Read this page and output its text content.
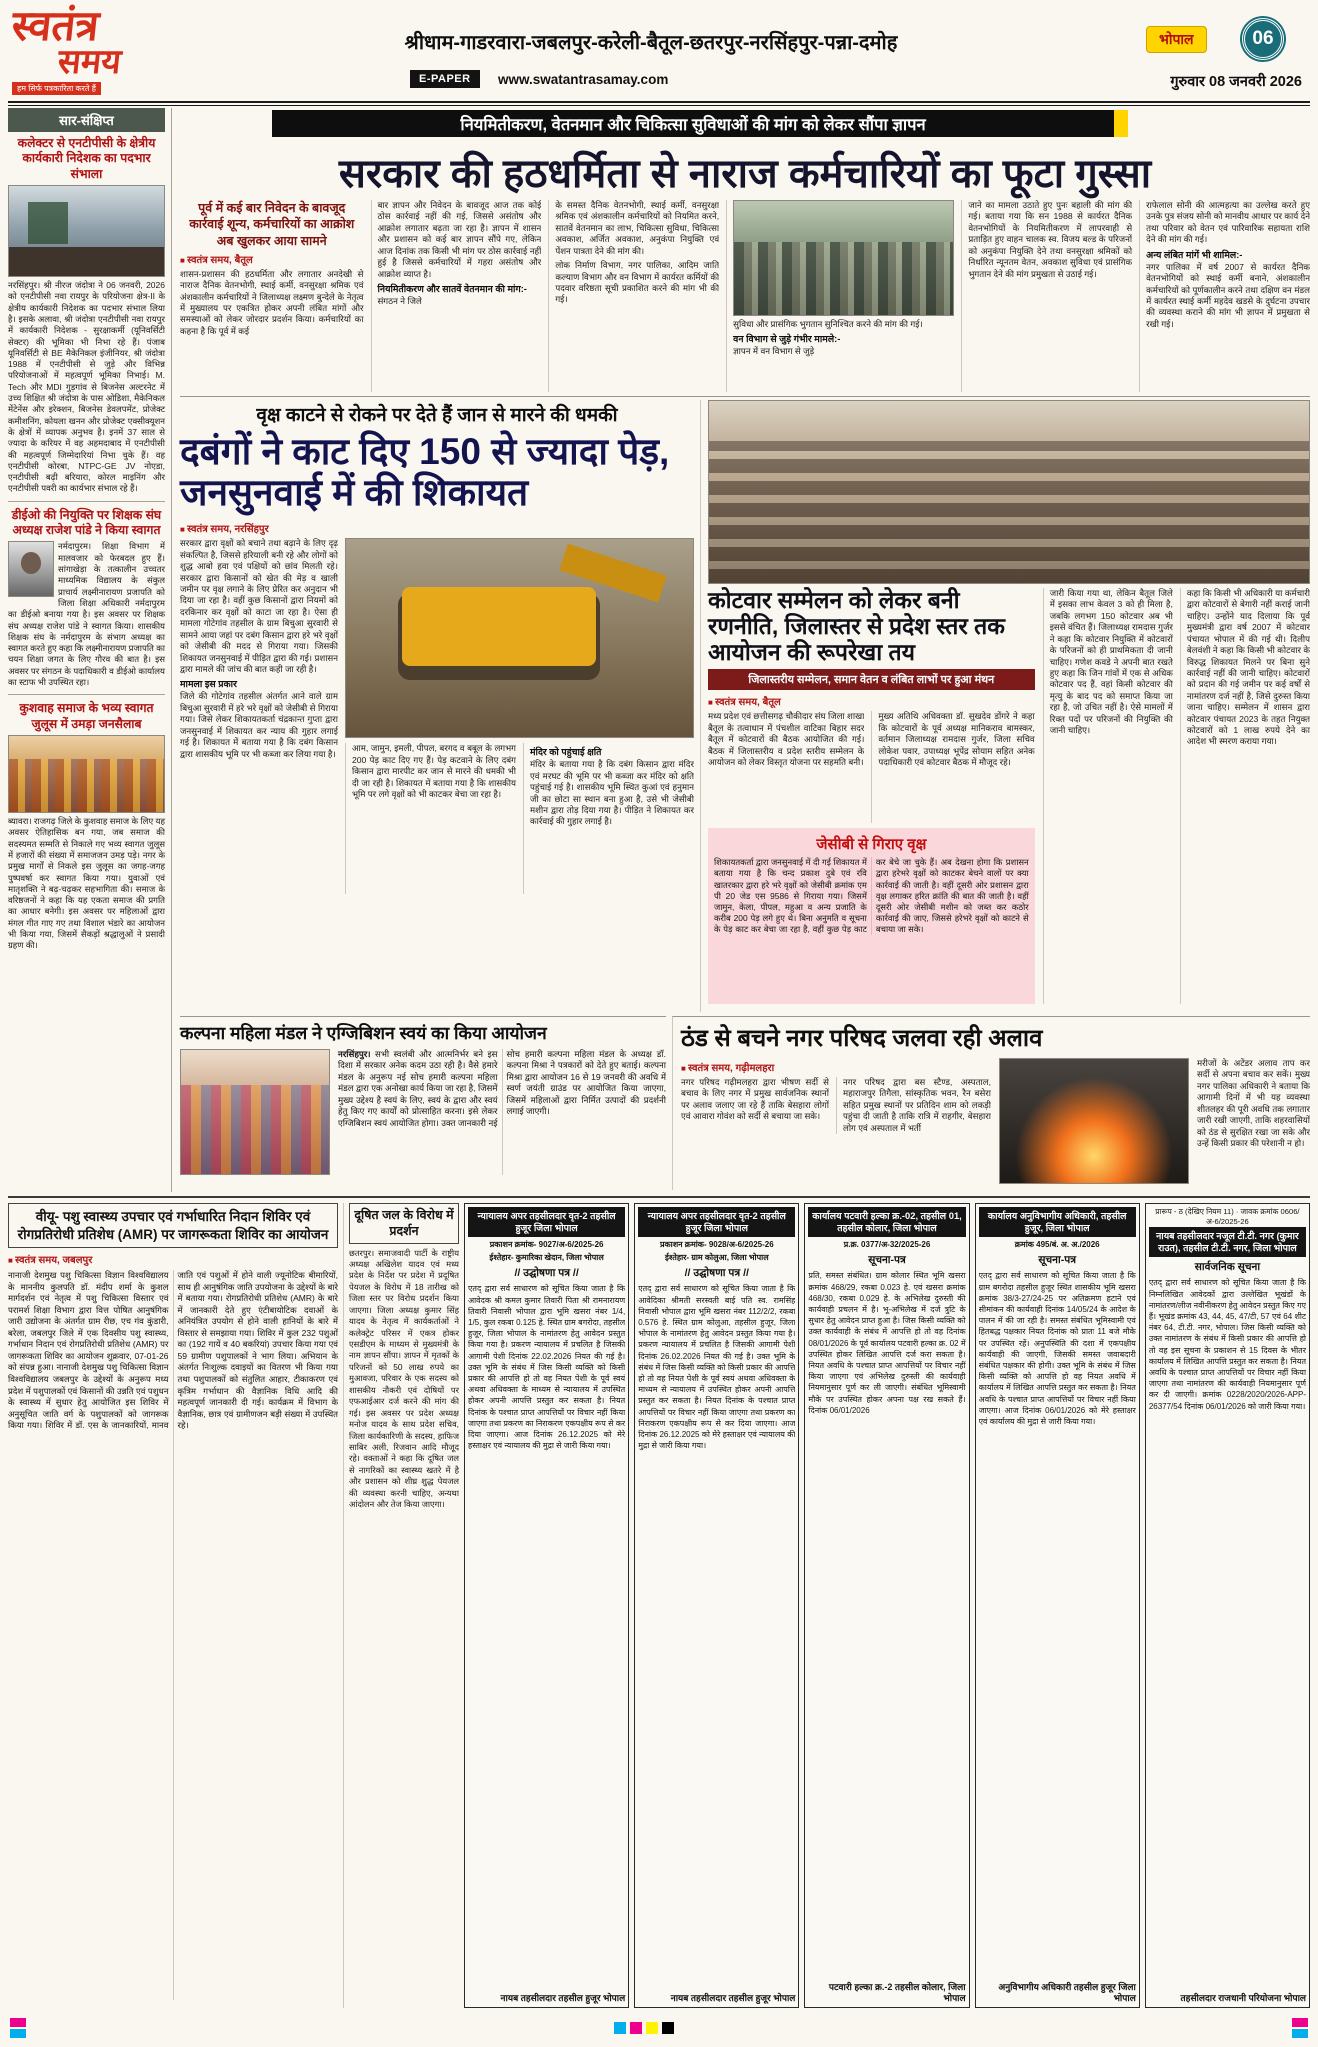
स्वतंत्र
समय
हम सिर्फ पत्रकारिता करते हैं
श्रीधाम-गाडरवारा-जबलपुर-करेली-बैतूल-छतरपुर-नरसिंहपुर-पन्ना-दमोह	भोपाल	06
E-PAPER	www.swatantrasamay.com	गुरुवार 08 जनवरी 2026
नियमितीकरण, वेतनमान और चिकित्सा सुविधाओं की मांग को लेकर सौंपा ज्ञापन
सरकार की हठधर्मिता से नाराज कर्मचारियों का फूटा गुस्सा
पूर्व में कई बार निवेदन के बावजूद कार्रवाई शून्य, कर्मचारियों का आक्रोश अब खुलकर आया सामने
■ स्वतंत्र समय, बैतूल
शासन-प्रशासन की हठधर्मिता और लगातार अनदेखी से नाराज दैनिक वेतनभोगी, स्थाई कर्मी, वनसुरक्षा श्रमिक एवं अंशकालीन कर्मचारियों ने जिलाध्यक्ष लक्ष्मण बुन्देले के नेतृत्व में मुख्यालय पर एकत्रित होकर अपनी लंबित मांगों और समस्याओं को लेकर जोरदार प्रदर्शन किया। कर्मचारियों का कहना है कि पूर्व में कई
बार ज्ञापन और निवेदन के बावजूद आज तक कोई ठोस कार्रवाई नहीं की गई, जिससे असंतोष और आक्रोश लगातार बढ़ता जा रहा है। ज्ञापन में शासन और प्रशासन को कई बार ज्ञापन सौंपे गए, लेकिन आज दिनांक तक किसी भी मांग पर ठोस कार्रवाई नहीं हुई है जिससे कर्मचारियों में गहरा असंतोष और आक्रोश व्याप्त है।
नियमितीकरण और सातवें वेतनमान की मांग:-
संगठन ने जिले
के समस्त दैनिक वेतनभोगी, स्थाई कर्मी, वनसुरक्षा श्रमिक एवं अंशकालीन कर्मचारियों को नियमित करने, सातवें वेतनमान का लाभ, चिकित्सा सुविधा, चिकित्सा अवकाश, अर्जित अवकाश, अनुकंपा नियुक्ति एवं पेंशन पात्रता देने की मांग की।
लोक निर्माण विभाग, नगर पालिका, आदिम जाति कल्याण विभाग और वन विभाग में कार्यरत कर्मियों की पदवार वरिष्ठता सूची प्रकाशित करने की मांग भी की गई।
सुविधा और प्रासंगिक भुगतान सुनिश्चित करने की मांग की गई।
वन विभाग से जुड़े गंभीर मामले:-
ज्ञापन में वन विभाग से जुड़े
जाने का मामला उठाते हुए पुनः बहाली की मांग की गई। बताया गया कि सन 1988 से कार्यरत दैनिक वेतनभोगियों के नियमितीकरण में लापरवाही से प्रताड़ित हुए वाहन चालक स्व. विजय बल्ड के परिजनों को अनुकंपा नियुक्ति देने तथा वनसुरक्षा श्रमिकों को निर्धारित न्यूनतम वेतन, अवकाश सुविधा एवं प्रासंगिक भुगतान देने की मांग प्रमुखता से उठाई गई।
राफेलाल सोनी की आत्महत्या का उल्लेख करते हुए उनके पुत्र संजय सोनी को मानवीय आधार पर कार्य देने तथा परिवार को वेतन एवं पारिवारिक सहायता राशि देने की मांग की गई।
अन्य लंबित मांगें भी शामिल:-
नगर पालिका में वर्ष 2007 से कार्यरत दैनिक वेतनभोगियों को स्थाई कर्मी बनाने, अंशकालीन कर्मचारियों को पूर्णकालीन करने तथा दक्षिण वन मंडल में कार्यरत स्थाई कर्मी महदेव खडसे के दुर्घटना उपचार की व्यवस्था कराने की मांग भी ज्ञापन में प्रमुखता से रखी गई।
सार-संक्षिप्त
कलेक्टर से एनटीपीसी के क्षेत्रीय कार्यकारी निदेशक का पदभार संभाला
नरसिंहपुर। श्री नीरज जंदोत्रा ने 06 जनवरी, 2026 को एनटीपीसी नवा रायपुर के परियोजना क्षेत्र-II के क्षेत्रीय कार्यकारी निदेशक का पदभार संभाल लिया है। इसके अलावा, श्री जंदोत्रा एनटीपीसी नवा रायपुर में कार्यकारी निदेशक - सुरक्षाकर्मी (यूनिवर्सिटी सेक्टर) की भूमिका भी निभा रहे हैं। पंजाब यूनिवर्सिटी से BE मैकेनिकल इंजीनियर, श्री जंदोत्रा 1988 में एनटीपीसी से जुड़े और विभिन्न परियोजनाओं में महत्वपूर्ण भूमिका निभाई। M. Tech और MDI गुड़गांव से बिजनेस अल्टरनेट में उच्च शिक्षित श्री जंदोत्रा के पास ओडिशा, मैकेनिकल मेंटेनेंस और इरेक्शन, बिजनेस डेवलपमेंट, प्रोजेक्ट कमीशनिंग, कोयला खनन और प्रोजेक्ट एक्सीक्यूशन के क्षेत्रों में व्यापक अनुभव है। इनमें 37 साल से ज्यादा के करियर में वह अहमदाबाद में एनटीपीसी की महत्वपूर्ण जिम्मेदारियां निभा चुके हैं। वह एनटीपीसी कोरबा, NTPC-GE JV नोएडा, एनटीपीसी बढ़ी बरियारा, कोरल माइनिंग और एनटीपीसी पवरी का कार्यभार संभाल रहे हैं।
डीईओ की नियुक्ति पर शिक्षक संघ अध्यक्ष राजेश पांडे ने किया स्वागत
नर्मदापुरम। शिक्षा विभाग में मालवजार को फेरबदल हुए हैं। सांगाखेड़ा के तत्कालीन उच्चतर माध्यमिक विद्यालय के संकुल प्राचार्य लक्ष्मीनारायण प्रजापति को जिला शिक्षा अधिकारी नर्मदापुरम का डीईओ बनाया गया है। इस अवसर पर शिक्षक संघ अध्यक्ष राजेश पांडे ने स्वागत किया। शासकीय शिक्षक संघ के नर्मदापुरम के संभाग अध्यक्ष का स्वागत करते हुए कहा कि लक्ष्मीनारायण प्रजापति का चयन शिक्षा जगत के लिए गौरव की बात है। इस अवसर पर संगठन के पदाधिकारी व डीईओ कार्यालय का स्टाफ भी उपस्थित रहा।
कुशवाह समाज के भव्य स्वागत जुलूस में उमड़ा जनसैलाब
ब्यावरा। राजगढ़ जिले के कुशवाह समाज के लिए यह अवसर ऐतिहासिक बन गया, जब समाज की सदस्यमत सम्मति से निकाले गए भव्य स्वागत जुलूस में हजारों की संख्या में समाजजन उमड़ पड़े। नगर के प्रमुख मार्गों से निकले इस जुलूस का जगह-जगह पुष्पवर्षा कर स्वागत किया गया। युवाओं एवं मातृशक्ति ने बढ़-चढ़कर सहभागिता की। समाज के वरिष्ठजनों ने कहा कि यह एकता समाज की प्रगति का आधार बनेगी। इस अवसर पर महिलाओं द्वारा मंगल गीत गाए गए तथा विशाल भंडारे का आयोजन भी किया गया, जिसमें सैकड़ों श्रद्धालुओं ने प्रसादी ग्रहण की।
वृक्ष काटने से रोकने पर देते हैं जान से मारने की धमकी
दबंगों ने काट दिए 150 से ज्यादा पेड़, जनसुनवाई में की शिकायत
■ स्वतंत्र समय, नरसिंहपुर
सरकार द्वारा वृक्षों को बचाने तथा बढ़ाने के लिए दृढ़ संकल्पित है, जिससे हरियाली बनी रहे और लोगों को शुद्ध आबो हवा एवं पक्षियों को छांव मिलती रहे। सरकार द्वारा किसानों को खेत की मेड़ व खाली जमीन पर वृक्ष लगाने के लिए प्रेरित कर अनुदान भी दिया जा रहा है। वहीं कुछ किसानों द्वारा नियमों को दरकिनार कर वृक्षों को काटा जा रहा है। ऐसा ही मामला गोटेगांव तहसील के ग्राम बिचुआ सुरवारी से सामने आया जहां पर दबंग किसान द्वारा हरे भरे वृक्षों को जेसीबी की मदद से गिराया गया। जिसकी शिकायत जनसुनवाई में पीड़ित द्वारा की गई। प्रशासन द्वारा मामले की जांच की बात कही जा रही है।
मामला इस प्रकार
जिले की गोटेगांव तहसील अंतर्गत आने वाले ग्राम बिचुआ सुरवारी में हरे भरे वृक्षों को जेसीबी से गिराया गया। जिसे लेकर शिकायतकर्ता चंद्रकान्त गुप्ता द्वारा जनसुनवाई में शिकायत कर न्याय की गुहार लगाई गई है। शिकायत में बताया गया है कि दबंग किसान द्वारा शासकीय भूमि पर भी कब्जा कर लिया गया है।
आम, जामुन, इमली, पीपल, बरगद व बबूल के लगभग 200 पेड़ काट दिए गए हैं। पेड़ कटवाने के लिए दबंग किसान द्वारा मारपीट कर जान से मारने की धमकी भी दी जा रही है। शिकायत में बताया गया है कि शासकीय भूमि पर लगे वृक्षों को भी काटकर बेचा जा रहा है।
मंदिर को पहुंचाई क्षति
मंदिर के बताया गया है कि दबंग किसान द्वारा मंदिर एवं मरघट की भूमि पर भी कब्जा कर मंदिर को क्षति पहुंचाई गई है। शासकीय भूमि स्थित कुआं एवं हनुमान जी का छोटा सा स्थान बना हुआ है, उसे भी जेसीबी मशीन द्वारा तोड़ दिया गया है। पीड़ित ने शिकायत कर कार्रवाई की गुहार लगाई है।
कोटवार सम्मेलन को लेकर बनी रणनीति, जिलास्तर से प्रदेश स्तर तक आयोजन की रूपरेखा तय
जिलास्तरीय सम्मेलन, समान वेतन व लंबित लाभों पर हुआ मंथन
■ स्वतंत्र समय, बैतूल
मध्य प्रदेश एवं छत्तीसगढ़ चौकीदार संघ जिला शाखा बैतूल के तत्वाधान में पंचशील वाटिका बिहार सदर बैतूल में कोटवारों की बैठक आयोजित की गई। बैठक में जिलास्तरीय व प्रदेश स्तरीय सम्मेलन के आयोजन को लेकर विस्तृत योजना पर सहमति बनी।
मुख्य अतिथि अधिवक्ता डॉ. सुखदेव डोंगरे ने कहा कि कोटवारों के पूर्व अध्यक्ष मानिकराव बामस्कर, वर्तमान जिलाध्यक्ष रामदास गुर्जर, जिला सचिव लोकेश पवार, उपाध्यक्ष भूपेंद्र सोयाम सहित अनेक पदाधिकारी एवं कोटवार बैठक में मौजूद रहे।
जेसीबी से गिराए वृक्ष
शिकायतकर्ता द्वारा जनसुनवाई में दी गई शिकायत में बताया गया है कि चन्द प्रकाश दुबे एवं रवि खातरकार द्वारा हरे भरे वृक्षों को जेसीबी क्रमांक एम पी 20 जेड एस 9586 से गिराया गया। जिसमें जामुन, केला, पीपल, महुआ व अन्य प्रजाति के करीब 200 पेड़ लगे हुए थे। बिना अनुमति व सूचना के पेड़ काट कर बेचा जा रहा है, वहीं कुछ पेड़ काट कर बेचे जा चुके हैं। अब देखना होगा कि प्रशासन द्वारा हरेभरे वृक्षों को काटकर बेचने वालों पर क्या कार्रवाई की जाती है। वहीं दूसरी ओर प्रशासन द्वारा वृक्ष लगाकर हरित क्रांति की बात की जाती है। वहीं दूसरी ओर जेसीबी मशीन को जब्त कर कठोर कार्रवाई की जाए, जिससे हरेभरे वृक्षों को काटने से बचाया जा सके।
जारी किया गया था, लेकिन बैतूल जिले में इसका लाभ केवल 3 को ही मिला है, जबकि लगभग 150 कोटवार अब भी इससे वंचित हैं। जिलाध्यक्ष रामदास गुर्जर ने कहा कि कोटवार नियुक्ति में कोटवारों के परिजनों को ही प्राथमिकता दी जानी चाहिए। गणेश कवडे ने अपनी बात रखते हुए कहा कि जिन गांवों में एक से अधिक कोटवार पद हैं, वहां किसी कोटवार की मृत्यु के बाद पद को समाप्त किया जा रहा है, जो उचित नहीं है। ऐसे मामलों में रिक्त पदों पर परिजनों की नियुक्ति की जानी चाहिए।
कहा कि किसी भी अधिकारी या कर्मचारी द्वारा कोटवारों से बेगारी नहीं कराई जानी चाहिए। उन्होंने याद दिलाया कि पूर्व मुख्यमंत्री द्वारा वर्ष 2007 में कोटवार पंचायत भोपाल में की गई थी। दिलीप बेलवंशी ने कहा कि किसी भी कोटवार के विरुद्ध शिकायत मिलने पर बिना सुने कार्रवाई नहीं की जानी चाहिए। कोटवारों को प्रदान की गई जमीन पर कई वर्षों से नामांतरण दर्ज नहीं है, जिसे दुरुस्त किया जाना चाहिए। सम्मेलन में शासन द्वारा कोटवार पंचायत 2023 के तहत नियुक्त कोटवारों को 1 लाख रुपये देने का आदेश भी स्मरण कराया गया।
कल्पना महिला मंडल ने एग्जिबिशन स्वयं का किया आयोजन
नरसिंहपुर। सभी स्वलंबी और आत्मनिर्भर बने इस दिशा में सरकार अनेक कदम उठा रही है। वैसे हमारे मंडल के अनुरूप नई सोच हमारी कल्पना महिला मंडल द्वारा एक अनोखा कार्य किया जा रहा है, जिसमें मुख्य उद्देश्य है स्वयं के लिए, स्वयं के द्वारा और स्वयं हेतु किए गए कार्यों को प्रोत्साहित करना। इसे लेकर एग्जिबिशन स्वयं आयोजित होगा। उक्त जानकारी नई सोच हमारी कल्पना महिला मंडल के अध्यक्ष डॉ. कल्पना मिश्रा ने पत्रकारों को देते हुए बताई। कल्पना मिश्रा द्वारा आयोजन 16 से 19 जनवरी की अवधि में स्वर्ण जयंती ग्राउंड पर आयोजित किया जाएगा, जिसमें महिलाओं द्वारा निर्मित उत्पादों की प्रदर्शनी लगाई जाएगी।
ठंड से बचने नगर परिषद जलवा रही अलाव
■ स्वतंत्र समय, गढ़ीमलहरा
नगर परिषद गढ़ीमलहरा द्वारा भीषण सर्दी से बचाव के लिए नगर में प्रमुख सार्वजनिक स्थानों पर अलाव जलाए जा रहे हैं ताकि बेसहारा लोगों एवं आवारा गोवंश को सर्दी से बचाया जा सके।
नगर परिषद द्वारा बस स्टैण्ड, अस्पताल, महाराजपुर तिगैला, सांस्कृतिक भवन, रैन बसेरा सहित प्रमुख स्थानों पर प्रतिदिन शाम को लकड़ी पहुंचा दी जाती है ताकि रात्रि में राहगीर, बेसहारा लोग एवं अस्पताल में भर्ती
मरीजों के अटेंडर अलाव ताप कर सर्दी से अपना बचाव कर सकें। मुख्य नगर पालिका अधिकारी ने बताया कि आगामी दिनों में भी यह व्यवस्था शीतलहर की पूरी अवधि तक लगातार जारी रखी जाएगी, ताकि शहरवासियों को ठंड से सुरक्षित रखा जा सके और उन्हें किसी प्रकार की परेशानी न हो।
वीयू- पशु स्वास्थ्य उपचार एवं गर्भाधारित निदान शिविर एवं रोगप्रतिरोधी प्रतिशेध (AMR) पर जागरूकता शिविर का आयोजन
■ स्वतंत्र समय, जबलपुर
नानाजी देशमुख पशु चिकित्सा विज्ञान विश्वविद्यालय के माननीय कुलपति डॉ. मंदीप शर्मा के कुशल मार्गदर्शन एवं नेतृत्व में पशु चिकित्सा विस्तार एवं परामर्श शिक्षा विभाग द्वारा वित्त पोषित आनुषंगिक जारी उद्योजना के अंतर्गत ग्राम रीछ, एच गंव कुंडारी, बरेला, जबलपुर जिले में एक दिवसीय पशु स्वास्थ्य, गर्भाधान निदान एवं रोगप्रतिरोधी प्रतिशेध (AMR) पर जागरूकता शिविर का आयोजन शुक्रवार, 07-01-26 को संपन्न हुआ। नानाजी देशमुख पशु चिकित्सा विज्ञान विश्वविद्यालय जबलपुर के उद्देश्यों के अनुरूप मध्य प्रदेश में पशुपालकों एवं किसानों की उन्नति एवं पशुधन के स्वास्थ्य में सुधार हेतु आयोजित इस शिविर में अनुसूचित जाति वर्ग के पशुपालकों को जागरूक किया गया। शिविर में डॉ. एस के जानकारियों, मानव जाति एवं पशुओं में होने वाली ज्यूनोटिक बीमारियों, साथ ही आनुषंगिक जाति उपयोजना के उद्देश्यों के बारे में बताया गया। रोगप्रतिरोधी प्रतिशेध (AMR) के बारे में जानकारी देते हुए एंटीबायोटिक दवाओं के अनियंत्रित उपयोग से होने वाली हानियों के बारे में विस्तार से समझाया गया। शिविर में कुल 232 पशुओं का (192 गायें व 40 बकरियां) उपचार किया गया एवं 59 ग्रामीण पशुपालकों ने भाग लिया। अभियान के अंतर्गत निःशुल्क दवाइयों का वितरण भी किया गया तथा पशुपालकों को संतुलित आहार, टीकाकरण एवं कृत्रिम गर्भाधान की वैज्ञानिक विधि आदि की महत्वपूर्ण जानकारी दी गई। कार्यक्रम में विभाग के वैज्ञानिक, छात्र एवं ग्रामीणजन बड़ी संख्या में उपस्थित रहे।
दूषित जल के विरोध में प्रदर्शन
छतरपुर। समाजवादी पार्टी के राष्ट्रीय अध्यक्ष अखिलेश यादव एवं मध्य प्रदेश के निर्देश पर प्रदेश में प्रदूषित पेयजल के विरोध में 18 तारीख को जिला स्तर पर विरोध प्रदर्शन किया जाएगा। जिला अध्यक्ष कुमार सिंह यादव के नेतृत्व में कार्यकर्ताओं ने कलेक्ट्रेट परिसर में एकत्र होकर एसडीएम के माध्यम से मुख्यमंत्री के नाम ज्ञापन सौंपा। ज्ञापन में मृतकों के परिजनों को 50 लाख रुपये का मुआवजा, परिवार के एक सदस्य को शासकीय नौकरी एवं दोषियों पर एफआईआर दर्ज करने की मांग की गई। इस अवसर पर प्रदेश अध्यक्ष मनोज यादव के साथ प्रदेश सचिव, जिला कार्यकारिणी के सदस्य, हाफिज साबिर अली, रिजवान आदि मौजूद रहे। वक्ताओं ने कहा कि दूषित जल से नागरिकों का स्वास्थ्य खतरे में है और प्रशासन को शीघ्र शुद्ध पेयजल की व्यवस्था करनी चाहिए, अन्यथा आंदोलन और तेज किया जाएगा।
न्यायालय अपर तहसीलदार वृत-2 तहसील हुजूर जिला भोपाल
प्रकाशन क्रमांक- 9027/अ-6/2025-26
ईश्तेहार- कुमारिका खेदान, जिला भोपाल
// उद्घोषणा पत्र //
एतद् द्वारा सर्व साधारण को सूचित किया जाता है कि आवेदक श्री कमल कुमार तिवारी पिता श्री रामनारायण तिवारी निवासी भोपाल द्वारा भूमि खसरा नंबर 1/4, 1/5, कुल रकबा 0.125 हे. स्थित ग्राम बगरोदा, तहसील हुजूर, जिला भोपाल के नामांतरण हेतु आवेदन प्रस्तुत किया गया है। प्रकरण न्यायालय में प्रचलित है जिसकी आगामी पेशी दिनांक 22.02.2026 नियत की गई है। उक्त भूमि के संबंध में जिस किसी व्यक्ति को किसी प्रकार की आपत्ति हो तो वह नियत पेशी के पूर्व स्वयं अथवा अधिवक्ता के माध्यम से न्यायालय में उपस्थित होकर अपनी आपत्ति प्रस्तुत कर सकता है। नियत दिनांक के पश्चात प्राप्त आपत्तियों पर विचार नहीं किया जाएगा तथा प्रकरण का निराकरण एकपक्षीय रूप से कर दिया जाएगा। आज दिनांक 26.12.2025 को मेरे हस्ताक्षर एवं न्यायालय की मुद्रा से जारी किया गया।
नायब तहसीलदार तहसील हुजूर भोपाल
न्यायालय अपर तहसीलदार वृत-2 तहसील हुजूर जिला भोपाल
प्रकाशन क्रमांक- 9028/अ-6/2025-26
ईश्तेहार- ग्राम कोलुआ, जिला भोपाल
// उद्घोषणा पत्र //
एतद् द्वारा सर्व साधारण को सूचित किया जाता है कि आवेदिका श्रीमती सरस्वती बाई पति स्व. रामसिंह निवासी भोपाल द्वारा भूमि खसरा नंबर 112/2/2, रकबा 0.576 हे. स्थित ग्राम कोलुआ, तहसील हुजूर, जिला भोपाल के नामांतरण हेतु आवेदन प्रस्तुत किया गया है। प्रकरण न्यायालय में प्रचलित है जिसकी आगामी पेशी दिनांक 26.02.2026 नियत की गई है। उक्त भूमि के संबंध में जिस किसी व्यक्ति को किसी प्रकार की आपत्ति हो तो वह नियत पेशी के पूर्व स्वयं अथवा अधिवक्ता के माध्यम से न्यायालय में उपस्थित होकर अपनी आपत्ति प्रस्तुत कर सकता है। नियत दिनांक के पश्चात प्राप्त आपत्तियों पर विचार नहीं किया जाएगा तथा प्रकरण का निराकरण एकपक्षीय रूप से कर दिया जाएगा। आज दिनांक 26.12.2025 को मेरे हस्ताक्षर एवं न्यायालय की मुद्रा से जारी किया गया।
नायब तहसीलदार तहसील हुजूर भोपाल
कार्यालय पटवारी हल्का क्र.-02, तहसील 01, तहसील कोलार, जिला भोपाल
प्र.क्र. 0377/अ-32/2025-26
सूचना-पत्र
प्रति, समस्त संबंधित। ग्राम कोलार स्थित भूमि खसरा क्रमांक 468/29, रकबा 0.023 हे. एवं खसरा क्रमांक 468/30, रकबा 0.029 हे. के अभिलेख दुरुस्ती की कार्यवाही प्रचलन में है। भू-अभिलेख में दर्ज त्रुटि के सुधार हेतु आवेदन प्राप्त हुआ है। जिस किसी व्यक्ति को उक्त कार्यवाही के संबंध में आपत्ति हो तो वह दिनांक 08/01/2026 के पूर्व कार्यालय पटवारी हल्का क्र. 02 में उपस्थित होकर लिखित आपत्ति दर्ज करा सकता है। नियत अवधि के पश्चात प्राप्त आपत्तियों पर विचार नहीं किया जाएगा एवं अभिलेख दुरुस्ती की कार्यवाही नियमानुसार पूर्ण कर ली जाएगी। संबंधित भूमिस्वामी मौके पर उपस्थित होकर अपना पक्ष रख सकते हैं। दिनांक 06/01/2026
पटवारी हल्का क्र.-2 तहसील कोलार, जिला भोपाल
कार्यालय अनुविभागीय अधिकारी, तहसील हुजूर, जिला भोपाल
क्रमांक 495/बं. अ. अ./2026
सूचना-पत्र
एतद् द्वारा सर्व साधारण को सूचित किया जाता है कि ग्राम बगरोदा तहसील हुजूर स्थित शासकीय भूमि खसरा क्रमांक 38/3-27/24-25 पर अतिक्रमण हटाने एवं सीमांकन की कार्यवाही दिनांक 14/05/24 के आदेश के पालन में की जा रही है। समस्त संबंधित भूमिस्वामी एवं हितबद्ध पक्षकार नियत दिनांक को प्रातः 11 बजे मौके पर उपस्थित रहें। अनुपस्थिति की दशा में एकपक्षीय कार्यवाही की जाएगी, जिसकी समस्त जवाबदारी संबंधित पक्षकार की होगी। उक्त भूमि के संबंध में जिस किसी व्यक्ति को आपत्ति हो वह नियत अवधि में कार्यालय में लिखित आपत्ति प्रस्तुत कर सकता है। नियत अवधि के पश्चात प्राप्त आपत्तियों पर विचार नहीं किया जाएगा। आज दिनांक 06/01/2026 को मेरे हस्ताक्षर एवं कार्यालय की मुद्रा से जारी किया गया।
अनुविभागीय अधिकारी तहसील हुजूर जिला भोपाल
प्रारूप - ठ (देखिए नियम 11) · जावक क्रमांक 0606/अ-6/2025-26
नायब तहसीलदार नजूल टी.टी. नगर (कुमार राउत), तहसील टी.टी. नगर, जिला भोपाल
सार्वजनिक सूचना
एतद् द्वारा सर्व साधारण को सूचित किया जाता है कि निम्नलिखित आवेदकों द्वारा उल्लेखित भूखंडों के नामांतरण/लीज नवीनीकरण हेतु आवेदन प्रस्तुत किए गए हैं। भूखंड क्रमांक 43, 44, 45, 47/टी, 57 एवं 64 शीट नंबर 64, टी.टी. नगर, भोपाल। जिस किसी व्यक्ति को उक्त नामांतरण के संबंध में किसी प्रकार की आपत्ति हो तो वह इस सूचना के प्रकाशन से 15 दिवस के भीतर कार्यालय में लिखित आपत्ति प्रस्तुत कर सकता है। नियत अवधि के पश्चात प्राप्त आपत्तियों पर विचार नहीं किया जाएगा तथा नामांतरण की कार्यवाही नियमानुसार पूर्ण कर दी जाएगी। क्रमांक 0228/2020/2026-APP-26377/54 दिनांक 06/01/2026 को जारी किया गया।
तहसीलदार राजधानी परियोजना भोपाल
